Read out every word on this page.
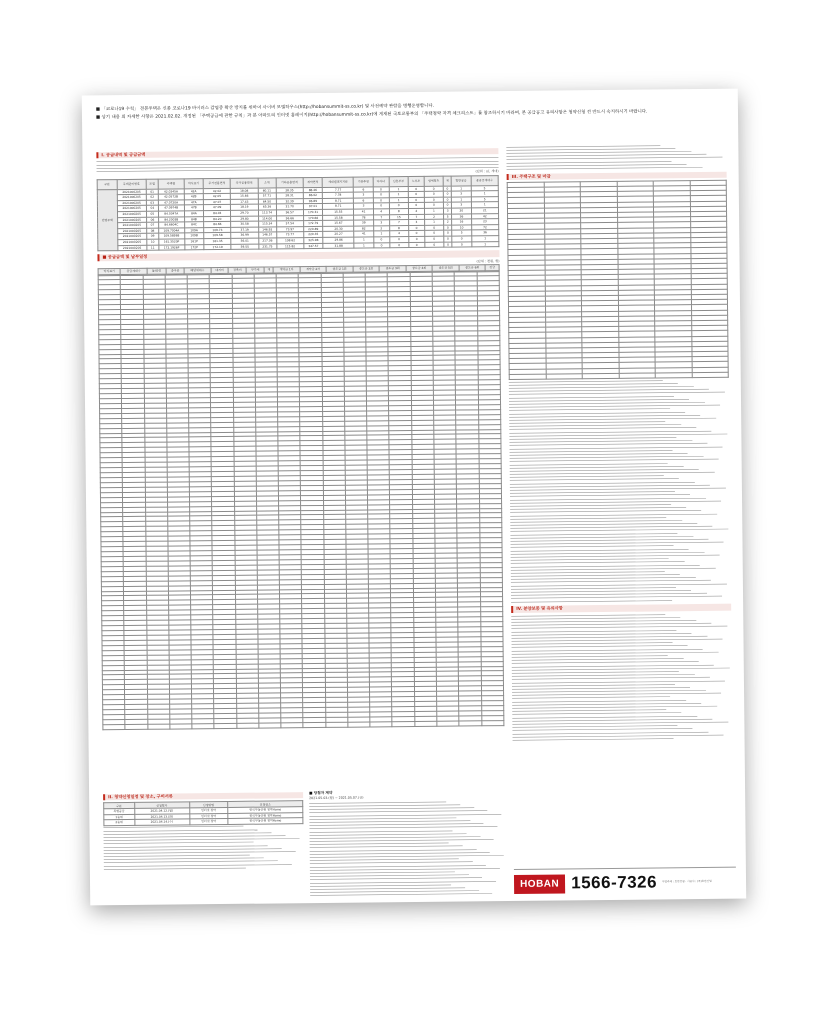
■ 「코로나19 수칙」 견본주택은 신종 코로나19 바이러스 감염증 확산 방지를 위하여 사이버 모델하우스(http://hobansummit-ss.co.kr) 및 사전예약 관람을 병행운영합니다.

■ 상기 내용 외 자세한 사항은 2021.02.02. 개정된 「주택공급에 관한 규칙」과 본 아파트의 인터넷 홈페이지(http://hobansummit-ss.co.kr)에 게재된 국토교통부의 「주택청약 자격 체크리스트」를 참조하시기 바라며, 본 공급공고 유의사항은 청약신청 전 반드시 숙지하시기 바랍니다.

I. 공급내역 및 공급금액
(단위 : ㎡, 세대)
구분	주택관리번호	모델	주택형	약식표기	주거전용면적	주거공용면적	소계	기타공용면적	계약면적	세대별대지지분	기관추천	다자녀	신혼부부	노부모	생애최초	계	일반공급	총공급세대수
민영주택	2021000205	01	42.0245A	42A	42.02	18.08	60.11	28.35	88.46	7.77	6	0	1	0	0	0	1	5
	2021000205	02	42.0572B	42B	42.05	15.66	57.71	28.31	86.02	7.78	3	0	1	0	0	0	3	1
	2021000205	03	47.0720A	47A	47.07	17.43	64.50	32.39	96.89	8.71	6	0	1	0	0	0	1	5
	2021000205	04	47.0974B	47B	47.09	18.19	65.26	31.70	97.01	8.71	3	0	0	0	0	0	3	1
	2021000205	05	84.0347A	84A	84.03	29.70	113.74	56.57	170.31	15.55	41	4	8	4	1	3	20	21
	2021000205	06	84.2003B	84B	84.20	29.80	114.00	56.66	170.66	15.58	78	7	15	7	2	5	36	42
	2021000205	07	84.6604C	84C	84.66	30.58	115.24	57.54	172.79	15.67	39	3	7	3	1	2	16	23
	2021000205	08	109.7304A	109A	109.73	37.19	146.92	73.97	220.89	20.30	82	2	8	0	0	0	10	72
	2021000205	09	109.5859B	109B	109.58	36.99	146.57	73.77	220.35	20.27	41	1	4	0	0	0	5	36
	2021000205	10	161.3520P	161P	161.35	56.01	217.36	108.62	325.98	29.86	1	0	0	0	0	0	0	1
	2021000205	11	172.1926P	172P	172.19	59.55	231.75	115.82	347.57	31.88	1	0	0	0	0	0	0	1
■ 공급금액 및 납부일정
(단위 : 천원, 원)
약식표기	공급세대수	동/라인	층구분	해당세대수	대지비	건축비	부가세	계	계약금 1차	계약금 2차	중도금 1회	중도금 2회	중도금 3회	중도금 4회	중도금 5회	중도금 6회	잔금

III. 주택구조 및 마감

IV. 분양보증 및 유의사항
II. 청약신청일정 및 장소, 구비서류
구분	신청일자	신청방법	신청장소
특별공급	2021.04.12.(월)	인터넷 청약	한국부동산원 청약Home
1순위	2021.04.13.(화)	인터넷 청약	한국부동산원 청약Home
2순위	2021.04.14.(수)	인터넷 청약	한국부동산원 청약Home
■ 당첨자 계약
2021.05.03.(월) ~ 2021.05.07.(금)
HOBAN 1566-7326 사업주체 : 호반건설 · 시공사 : (주)호반산업
